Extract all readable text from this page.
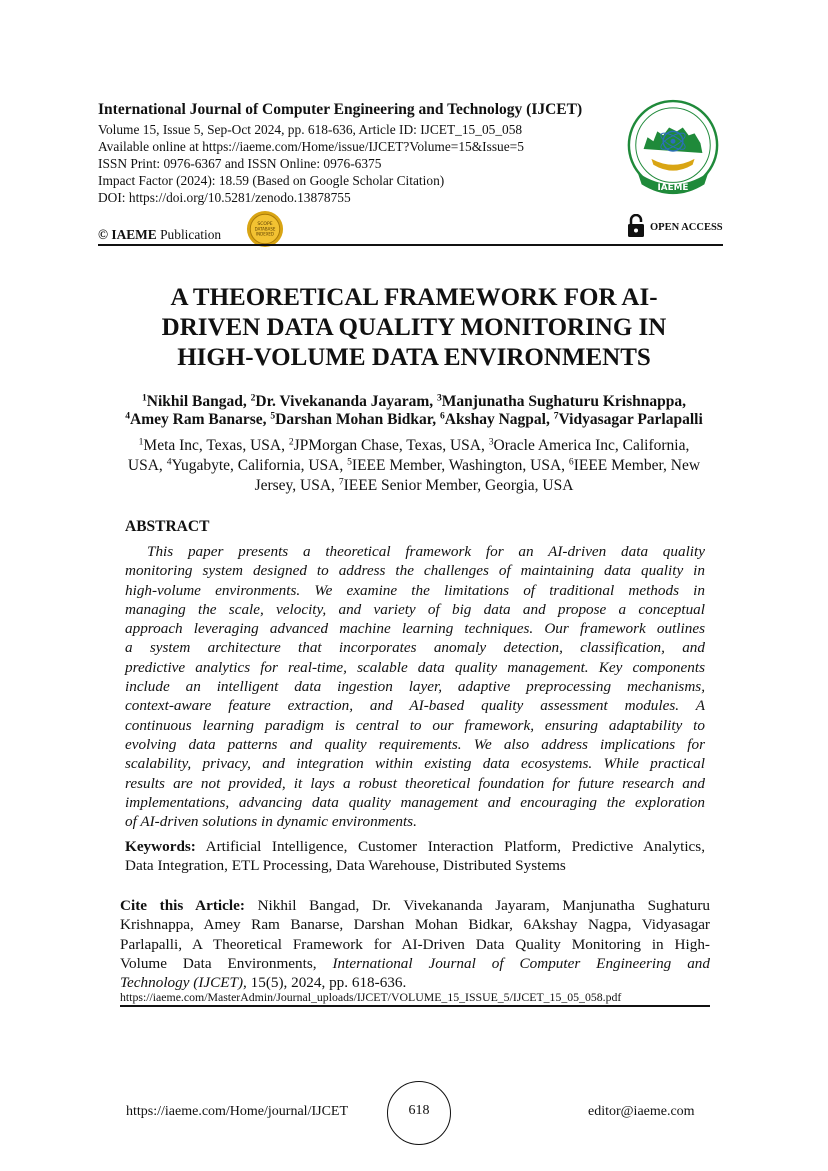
International Journal of Computer Engineering and Technology (IJCET)
Volume 15, Issue 5, Sep-Oct 2024, pp. 618-636, Article ID: IJCET_15_05_058
Available online at https://iaeme.com/Home/issue/IJCET?Volume=15&Issue=5
ISSN Print: 0976-6367 and ISSN Online: 0976-6375
Impact Factor (2024): 18.59 (Based on Google Scholar Citation)
DOI: https://doi.org/10.5281/zenodo.13878755
© IAEME Publication
SCOPE
DATABASE
INDEXED
IAEME
OPEN ACCESS
A THEORETICAL FRAMEWORK FOR AI-
DRIVEN DATA QUALITY MONITORING IN
HIGH-VOLUME DATA ENVIRONMENTS
$^1$Nikhil Bangad, $^2$Dr. Vivekananda Jayaram, $^3$Manjunatha Sughaturu Krishnappa,
$^4$Amey Ram Banarse, $^5$Darshan Mohan Bidkar, $^6$Akshay Nagpal, $^7$Vidyasagar Parlapalli
$^1$Meta Inc, Texas, USA, $^2$JPMorgan Chase, Texas, USA, $^3$Oracle America Inc, California,
USA, $^4$Yugabyte, California, USA, $^5$IEEE Member, Washington, USA, $^6$IEEE Member, New
Jersey, USA, $^7$IEEE Senior Member, Georgia, USA
ABSTRACT
This paper presents a theoretical framework for an AI-driven data quality
monitoring system designed to address the challenges of maintaining data quality in
high-volume environments. We examine the limitations of traditional methods in
managing the scale, velocity, and variety of big data and propose a conceptual
approach leveraging advanced machine learning techniques. Our framework outlines
a system architecture that incorporates anomaly detection, classification, and
predictive analytics for real-time, scalable data quality management. Key components
include an intelligent data ingestion layer, adaptive preprocessing mechanisms,
context-aware feature extraction, and AI-based quality assessment modules. A
continuous learning paradigm is central to our framework, ensuring adaptability to
evolving data patterns and quality requirements. We also address implications for
scalability, privacy, and integration within existing data ecosystems. While practical
results are not provided, it lays a robust theoretical foundation for future research and
implementations, advancing data quality management and encouraging the exploration
of AI-driven solutions in dynamic environments.
Keywords: Artificial Intelligence, Customer Interaction Platform, Predictive Analytics,
Data Integration, ETL Processing, Data Warehouse, Distributed Systems
Cite this Article: Nikhil Bangad, Dr. Vivekananda Jayaram, Manjunatha Sughaturu
Krishnappa, Amey Ram Banarse, Darshan Mohan Bidkar, 6Akshay Nagpa, Vidyasagar
Parlapalli, A Theoretical Framework for AI-Driven Data Quality Monitoring in High-
Volume Data Environments, International Journal of Computer Engineering and
Technology (IJCET), 15(5), 2024, pp. 618-636.
https://iaeme.com/MasterAdmin/Journal_uploads/IJCET/VOLUME_15_ISSUE_5/IJCET_15_05_058.pdf
https://iaeme.com/Home/journal/IJCET	618	editor@iaeme.com
